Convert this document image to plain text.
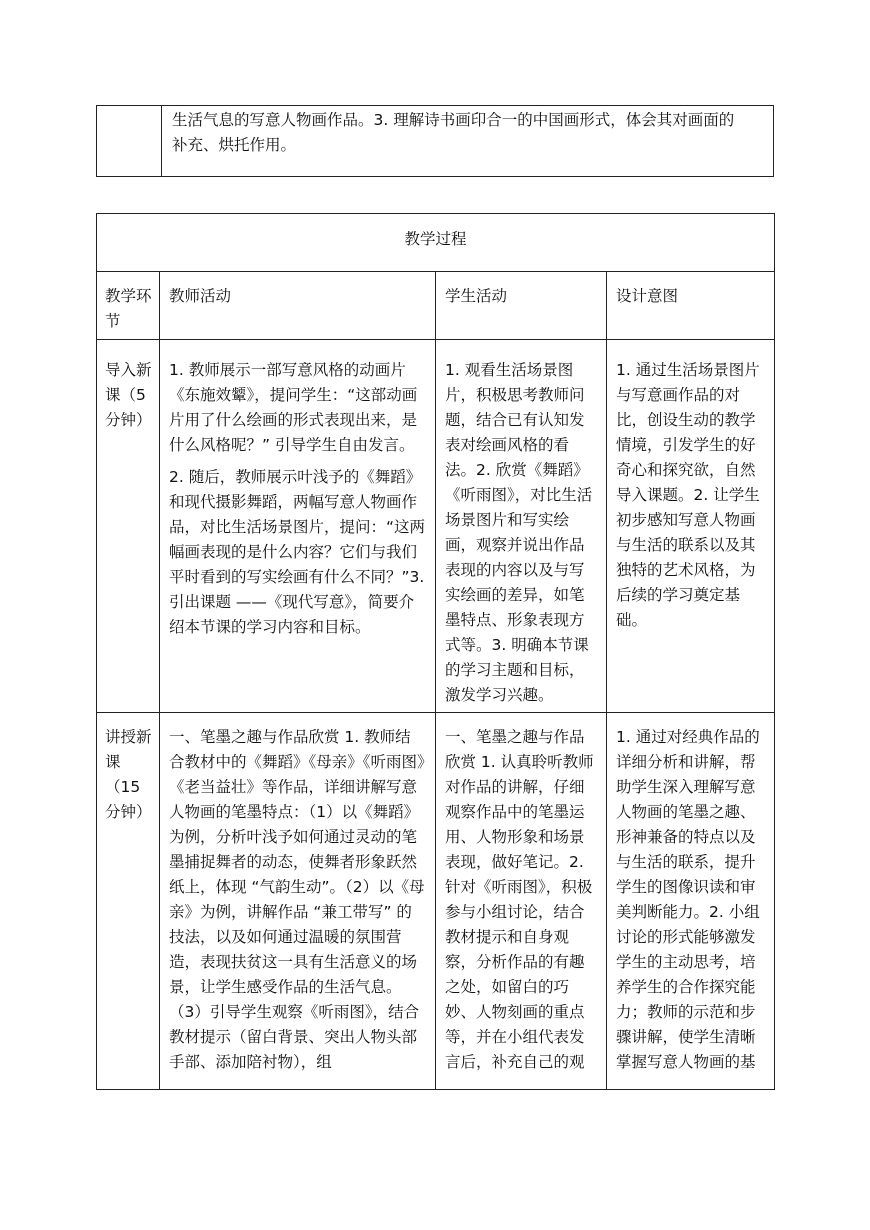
生活气息的写意人物画作品。3. 理解诗书画印合一的中国画形式，体会其对画面的
补充、烘托作用。
教学过程			
教学环节	教师活动	学生活动	设计意图
导入新课（5 分钟）	1. 教师展示一部写意风格的动画片《东施效颦》，提问学生：“这部动画片用了什么绘画的形式表现出来，是什么风格呢？” 引导学生自由发言。

2. 随后，教师展示叶浅予的《舞蹈》和现代摄影舞蹈，两幅写意人物画作品，对比生活场景图片，提问：“这两幅画表现的是什么内容？它们与我们平时看到的写实绘画有什么不同？”3. 引出课题 ——《现代写意》，简要介绍本节课的学习内容和目标。	1. 观看生活场景图片，积极思考教师问题，结合已有认知发表对绘画风格的看法。2. 欣赏《舞蹈》《听雨图》，对比生活场景图片和写实绘画，观察并说出作品表现的内容以及与写实绘画的差异，如笔墨特点、形象表现方式等。3. 明确本节课的学习主题和目标，激发学习兴趣。	1. 通过生活场景图片与写意画作品的对比，创设生动的教学情境，引发学生的好奇心和探究欲，自然导入课题。2. 让学生初步感知写意人物画与生活的联系以及其独特的艺术风格，为后续的学习奠定基础。

讲授新课（15 分钟）	一、笔墨之趣与作品欣赏 1. 教师结合教材中的《舞蹈》《母亲》《听雨图》《老当益壮》等作品，详细讲解写意人物画的笔墨特点：（1）以《舞蹈》为例，分析叶浅予如何通过灵动的笔墨捕捉舞者的动态，使舞者形象跃然纸上，体现 “气韵生动”。（2）以《母亲》为例，讲解作品 “兼工带写” 的技法，以及如何通过温暖的氛围营造，表现扶贫这一具有生活意义的场景，让学生感受作品的生活气息。（3）引导学生观察《听雨图》，结合教材提示（留白背景、突出人物头部手部、添加陪衬物），组	一、笔墨之趣与作品欣赏 1. 认真聆听教师对作品的讲解，仔细观察作品中的笔墨运用、人物形象和场景表现，做好笔记。2. 针对《听雨图》，积极参与小组讨论，结合教材提示和自身观察，分析作品的有趣之处，如留白的巧妙、人物刻画的重点等，并在小组代表发言后，补充自己的观	1. 通过对经典作品的详细分析和讲解，帮助学生深入理解写意人物画的笔墨之趣、形神兼备的特点以及与生活的联系，提升学生的图像识读和审美判断能力。2. 小组讨论的形式能够激发学生的主动思考，培养学生的合作探究能力；教师的示范和步骤讲解，使学生清晰掌握写意人物画的基
